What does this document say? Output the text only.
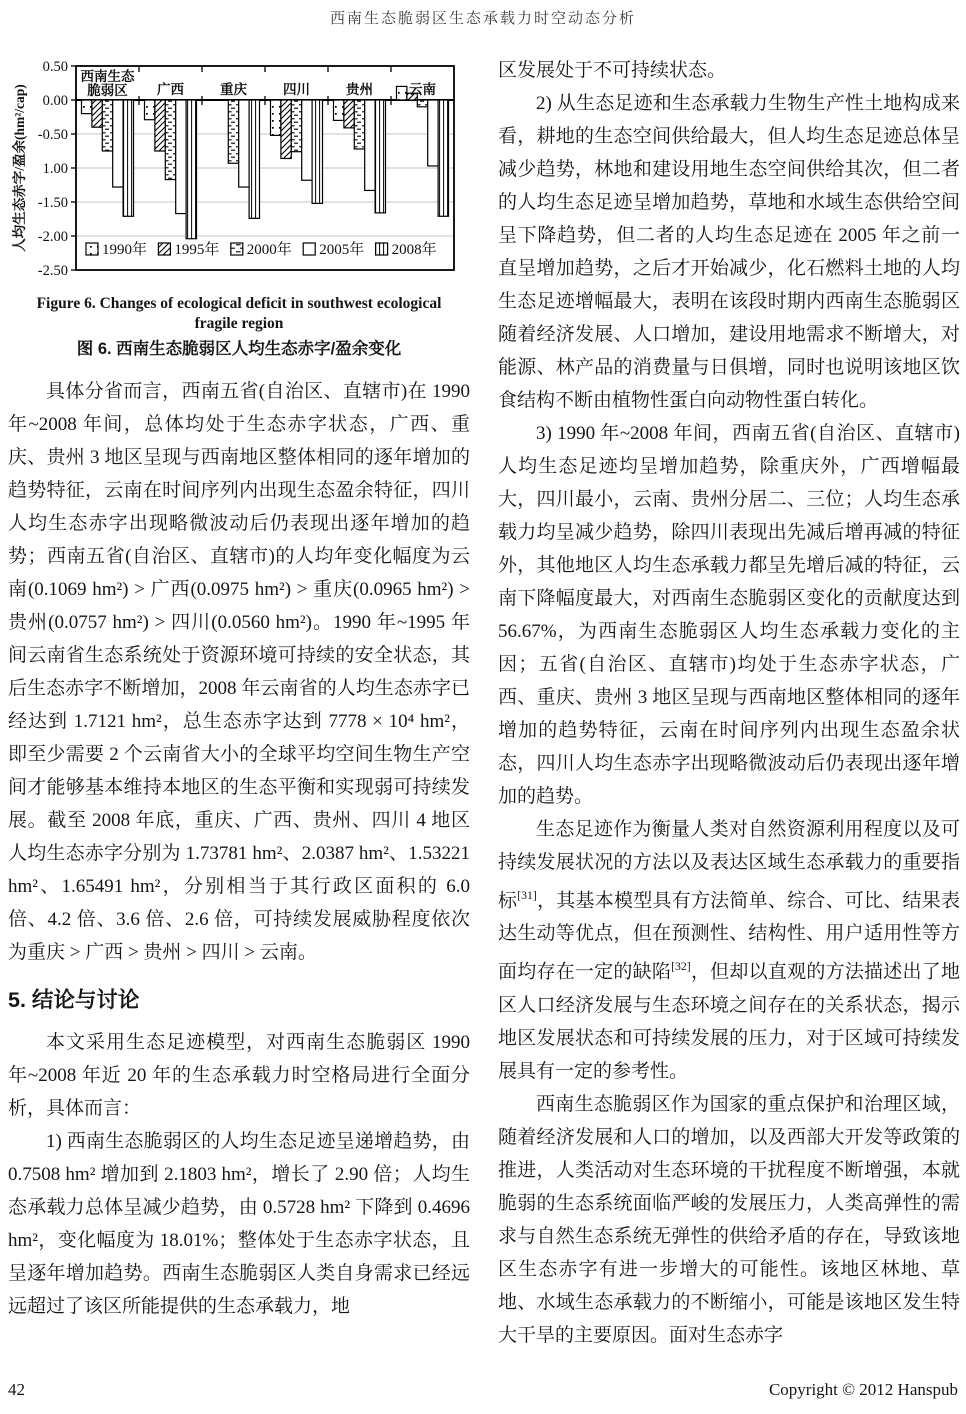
西南生态脆弱区生态承载力时空动态分析
0.50
0.00
-0.50
1.00
-1.50
-2.00
-2.50
西南生态
脆弱区 广西	重庆	四川	贵州	云南
1990年 1995年 2000年 2005年 2008年
人均生态赤字/盈余(hm²/cap)
Figure 6. Changes of ecological deficit in southwest ecological fragile region
图 6. 西南生态脆弱区人均生态赤字/盈余变化

具体分省而言，西南五省(自治区、直辖市)在 1990 年~2008 年间，总体均处于生态赤字状态，广西、重庆、贵州 3 地区呈现与西南地区整体相同的逐年增加的趋势特征，云南在时间序列内出现生态盈余特征，四川人均生态赤字出现略微波动后仍表现出逐年增加的趋势；西南五省(自治区、直辖市)的人均年变化幅度为云南(0.1069 hm²) > 广西(0.0975 hm²) > 重庆(0.0965 hm²) > 贵州(0.0757 hm²) > 四川(0.0560 hm²)。1990 年~1995 年间云南省生态系统处于资源环境可持续的安全状态，其后生态赤字不断增加，2008 年云南省的人均生态赤字已经达到 1.7121 hm²，总生态赤字达到 7778 × 10⁴ hm²，即至少需要 2 个云南省大小的全球平均空间生物生产空间才能够基本维持本地区的生态平衡和实现弱可持续发展。截至 2008 年底，重庆、广西、贵州、四川 4 地区人均生态赤字分别为 1.73781 hm²、2.0387 hm²、1.53221 hm²、1.65491 hm²，分别相当于其行政区面积的 6.0 倍、4.2 倍、3.6 倍、2.6 倍，可持续发展威胁程度依次为重庆 > 广西 > 贵州 > 四川 > 云南。

5. 结论与讨论

本文采用生态足迹模型，对西南生态脆弱区 1990 年~2008 年近 20 年的生态承载力时空格局进行全面分析，具体而言：

1) 西南生态脆弱区的人均生态足迹呈递增趋势，由 0.7508 hm² 增加到 2.1803 hm²，增长了 2.90 倍；人均生态承载力总体呈减少趋势，由 0.5728 hm² 下降到 0.4696 hm²，变化幅度为 18.01%；整体处于生态赤字状态，且呈逐年增加趋势。西南生态脆弱区人类自身需求已经远远超过了该区所能提供的生态承载力，地

区发展处于不可持续状态。

2) 从生态足迹和生态承载力生物生产性土地构成来看，耕地的生态空间供给最大，但人均生态足迹总体呈减少趋势，林地和建设用地生态空间供给其次，但二者的人均生态足迹呈增加趋势，草地和水域生态供给空间呈下降趋势，但二者的人均生态足迹在 2005 年之前一直呈增加趋势，之后才开始减少，化石燃料土地的人均生态足迹增幅最大，表明在该段时期内西南生态脆弱区随着经济发展、人口增加，建设用地需求不断增大，对能源、林产品的消费量与日俱增，同时也说明该地区饮食结构不断由植物性蛋白向动物性蛋白转化。

3) 1990 年~2008 年间，西南五省(自治区、直辖市)人均生态足迹均呈增加趋势，除重庆外，广西增幅最大，四川最小，云南、贵州分居二、三位；人均生态承载力均呈减少趋势，除四川表现出先减后增再减的特征外，其他地区人均生态承载力都呈先增后减的特征，云南下降幅度最大，对西南生态脆弱区变化的贡献度达到 56.67%，为西南生态脆弱区人均生态承载力变化的主因；五省(自治区、直辖市)均处于生态赤字状态，广西、重庆、贵州 3 地区呈现与西南地区整体相同的逐年增加的趋势特征，云南在时间序列内出现生态盈余状态，四川人均生态赤字出现略微波动后仍表现出逐年增加的趋势。

生态足迹作为衡量人类对自然资源利用程度以及可持续发展状况的方法以及表达区域生态承载力的重要指标[31]，其基本模型具有方法简单、综合、可比、结果表达生动等优点，但在预测性、结构性、用户适用性等方面均存在一定的缺陷[32]，但却以直观的方法描述出了地区人口经济发展与生态环境之间存在的关系状态，揭示地区发展状态和可持续发展的压力，对于区域可持续发展具有一定的参考性。

西南生态脆弱区作为国家的重点保护和治理区域，随着经济发展和人口的增加，以及西部大开发等政策的推进，人类活动对生态环境的干扰程度不断增强，本就脆弱的生态系统面临严峻的发展压力，人类高弹性的需求与自然生态系统无弹性的供给矛盾的存在，导致该地区生态赤字有进一步增大的可能性。该地区林地、草地、水域生态承载力的不断缩小，可能是该地区发生特大干旱的主要原因。面对生态赤字

42	Copyright © 2012 Hanspub
